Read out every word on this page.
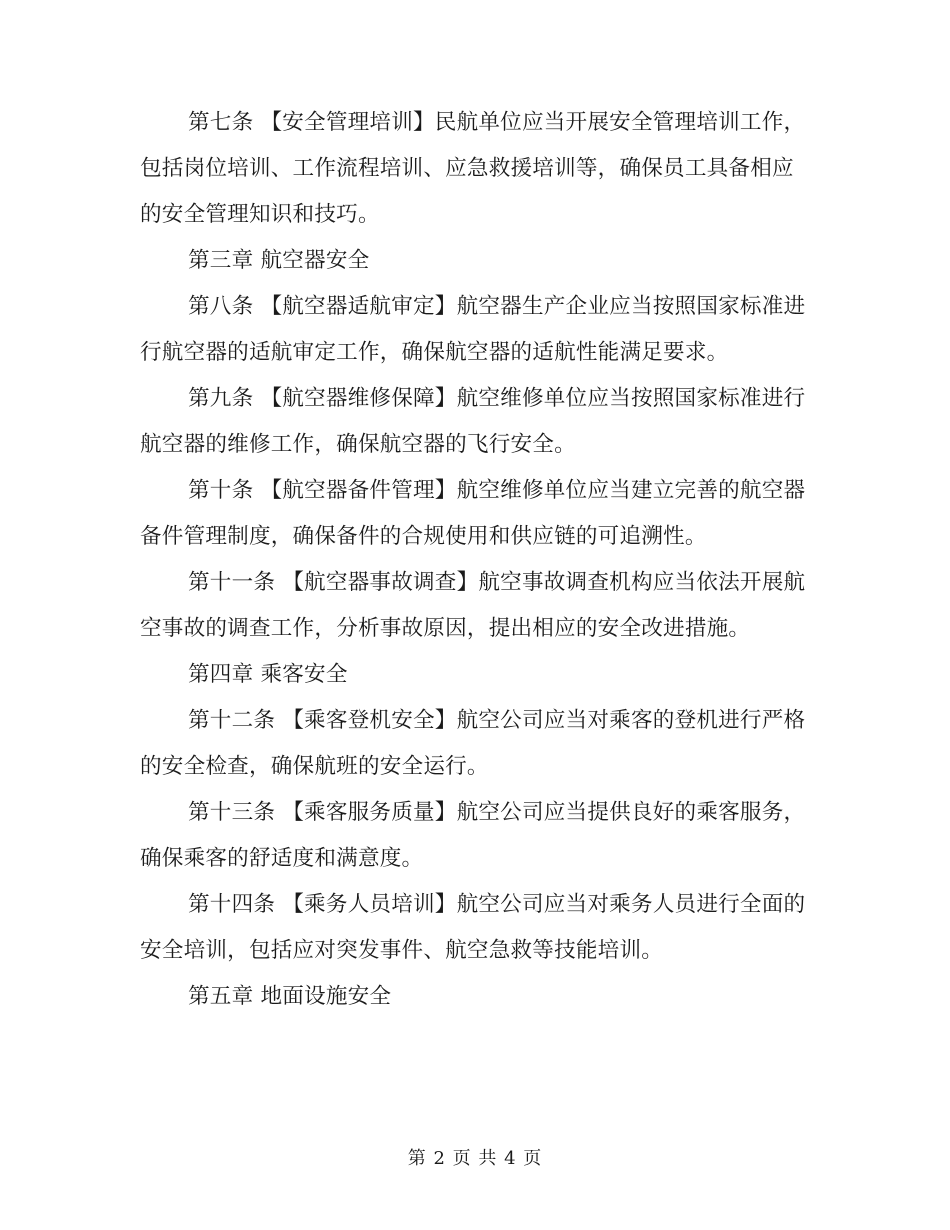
第七条 【安全管理培训】民航单位应当开展安全管理培训工作，包括岗位培训、工作流程培训、应急救援培训等，确保员工具备相应的安全管理知识和技巧。

第三章 航空器安全

第八条 【航空器适航审定】航空器生产企业应当按照国家标准进行航空器的适航审定工作，确保航空器的适航性能满足要求。

第九条 【航空器维修保障】航空维修单位应当按照国家标准进行航空器的维修工作，确保航空器的飞行安全。

第十条 【航空器备件管理】航空维修单位应当建立完善的航空器备件管理制度，确保备件的合规使用和供应链的可追溯性。

第十一条 【航空器事故调查】航空事故调查机构应当依法开展航空事故的调查工作，分析事故原因，提出相应的安全改进措施。

第四章 乘客安全

第十二条 【乘客登机安全】航空公司应当对乘客的登机进行严格的安全检查，确保航班的安全运行。

第十三条 【乘客服务质量】航空公司应当提供良好的乘客服务，确保乘客的舒适度和满意度。

第十四条 【乘务人员培训】航空公司应当对乘务人员进行全面的安全培训，包括应对突发事件、航空急救等技能培训。

第五章 地面设施安全

第 2 页 共 4 页
